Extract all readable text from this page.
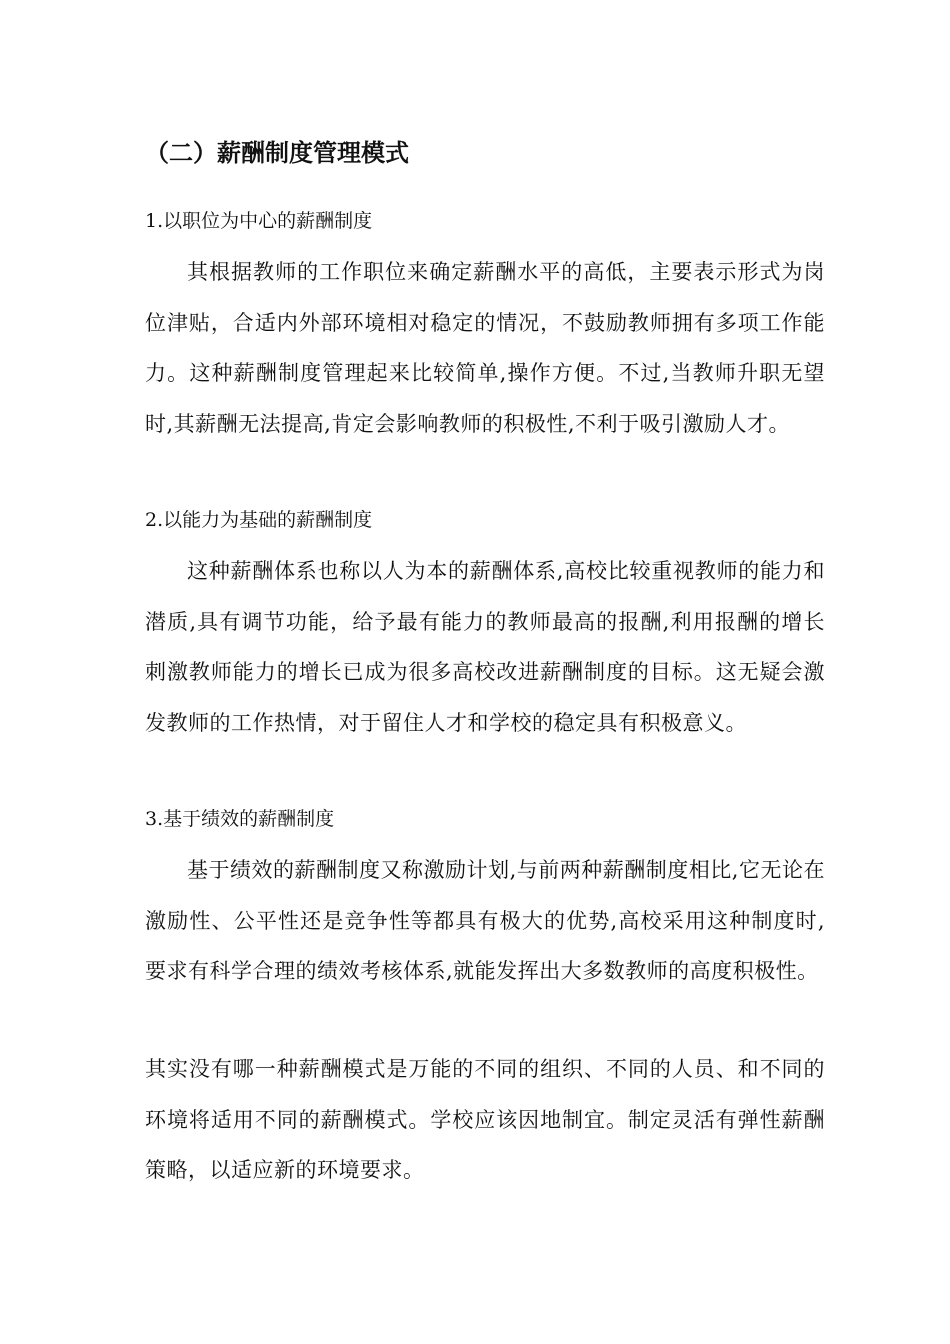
（二）薪酬制度管理模式
1.以职位为中心的薪酬制度
其根据教师的工作职位来确定薪酬水平的高低，主要表示形式为岗位津贴，合适内外部环境相对稳定的情况，不鼓励教师拥有多项工作能力。这种薪酬制度管理起来比较简单,操作方便。不过,当教师升职无望时,其薪酬无法提高,肯定会影响教师的积极性,不利于吸引激励人才。
2.以能力为基础的薪酬制度
这种薪酬体系也称以人为本的薪酬体系,高校比较重视教师的能力和潜质,具有调节功能，给予最有能力的教师最高的报酬,利用报酬的增长刺激教师能力的增长已成为很多高校改进薪酬制度的目标。这无疑会激发教师的工作热情，对于留住人才和学校的稳定具有积极意义。
3.基于绩效的薪酬制度
基于绩效的薪酬制度又称激励计划,与前两种薪酬制度相比,它无论在激励性、公平性还是竞争性等都具有极大的优势,高校采用这种制度时,要求有科学合理的绩效考核体系,就能发挥出大多数教师的高度积极性。
其实没有哪一种薪酬模式是万能的不同的组织、不同的人员、和不同的环境将适用不同的薪酬模式。学校应该因地制宜。制定灵活有弹性薪酬策略，以适应新的环境要求。
